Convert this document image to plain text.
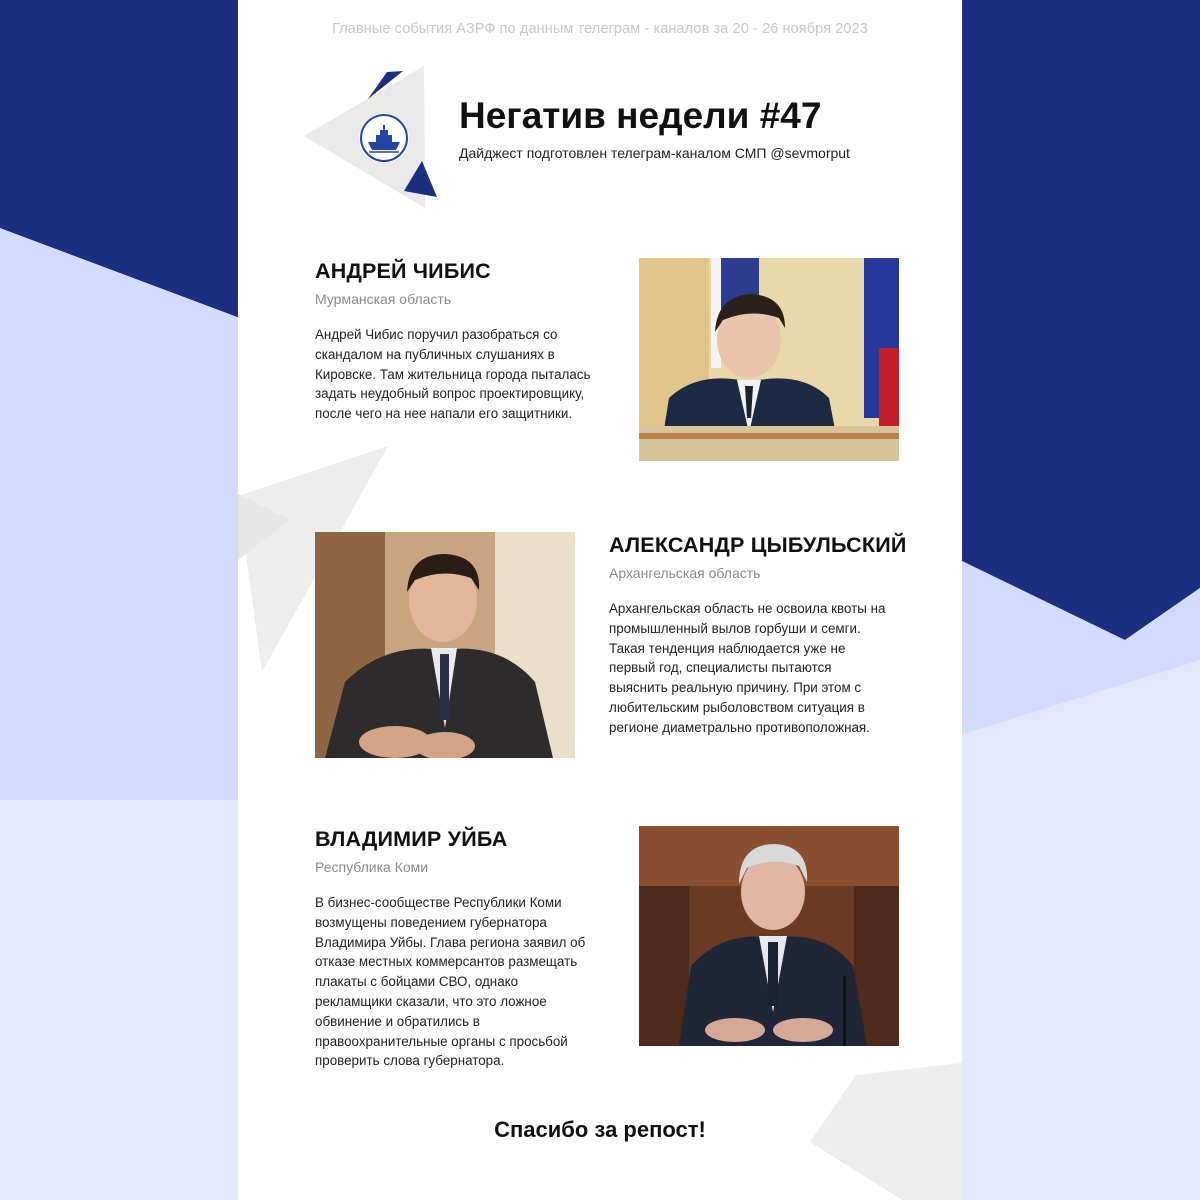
Главные события АЗРФ по данным телеграм - каналов за 20 - 26 ноября 2023
Негатив недели #47
Дайджест подготовлен телеграм-каналом СМП @sevmorput
АНДРЕЙ ЧИБИС
Мурманская область
Андрей Чибис поручил разобраться со
скандалом на публичных слушаниях в
Кировске. Там жительница города пыталась
задать неудобный вопрос проектировщику,
после чего на нее напали его защитники.
АЛЕКСАНДР ЦЫБУЛЬСКИЙ
Архангельская область
Архангельская область не освоила квоты на
промышленный вылов горбуши и семги.
Такая тенденция наблюдается уже не
первый год, специалисты пытаются
выяснить реальную причину. При этом с
любительским рыболовством ситуация в
регионе диаметрально противоположная.
ВЛАДИМИР УЙБА
Республика Коми
В бизнес-сообществе Республики Коми
возмущены поведением губернатора
Владимира Уйбы. Глава региона заявил об
отказе местных коммерсантов размещать
плакаты с бойцами СВО, однако
рекламщики сказали, что это ложное
обвинение и обратились в
правоохранительные органы с просьбой
проверить слова губернатора.
Спасибо за репост!
